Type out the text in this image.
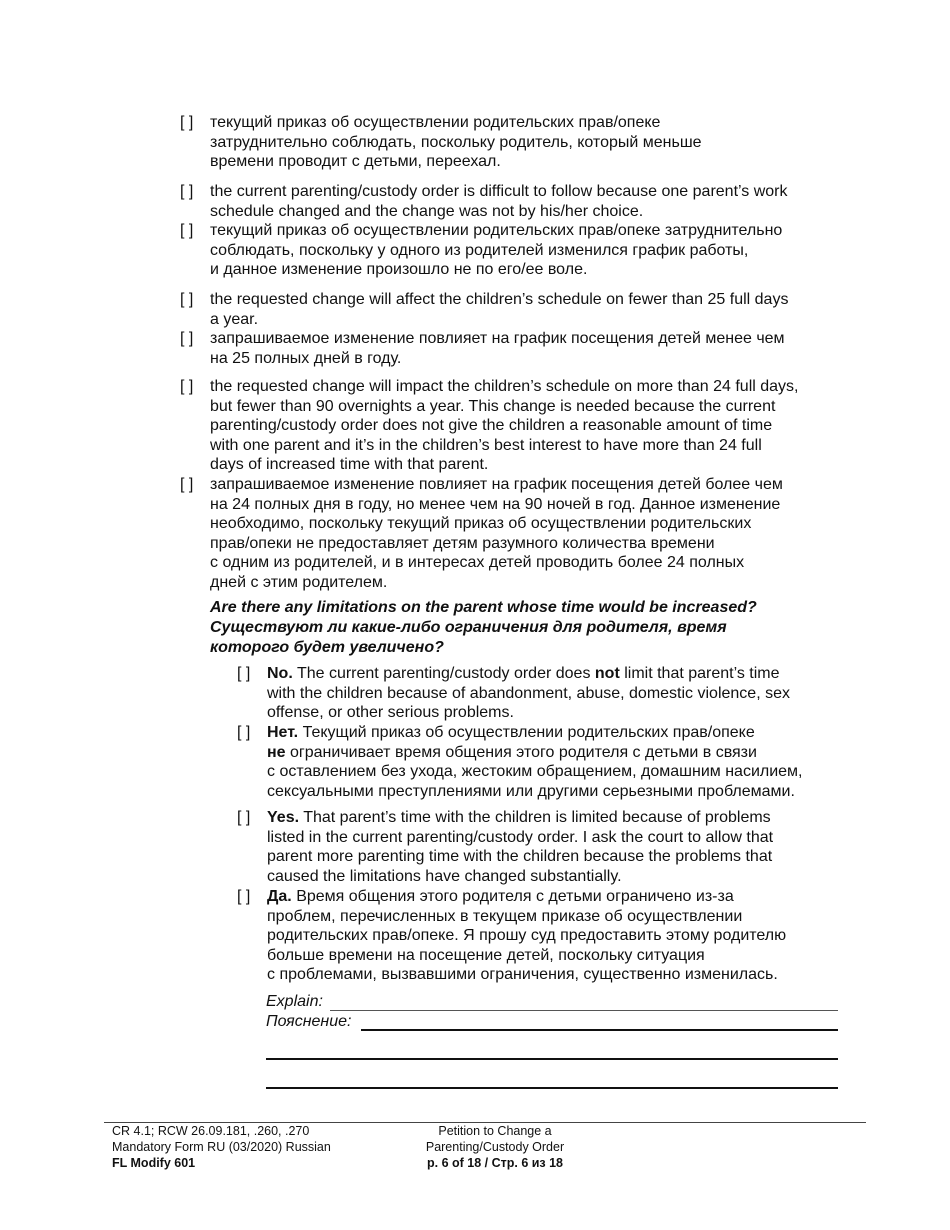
[ ]	текущий приказ об осуществлении родительских прав/опеке
затруднительно соблюдать, поскольку родитель, который меньше
времени проводит с детьми, переехал.
[ ]	the current parenting/custody order is difficult to follow because one parent’s work
schedule changed and the change was not by his/her choice.
[ ]	текущий приказ об осуществлении родительских прав/опеке затруднительно
соблюдать, поскольку у одного из родителей изменился график работы,
и данное изменение произошло не по его/ее воле.
[ ]	the requested change will affect the children’s schedule on fewer than 25 full days
a year.
[ ]	запрашиваемое изменение повлияет на график посещения детей менее чем
на 25 полных дней в году.
[ ]	the requested change will impact the children’s schedule on more than 24 full days,
but fewer than 90 overnights a year. This change is needed because the current
parenting/custody order does not give the children a reasonable amount of time
with one parent and it’s in the children’s best interest to have more than 24 full
days of increased time with that parent.
[ ]	запрашиваемое изменение повлияет на график посещения детей более чем
на 24 полных дня в году, но менее чем на 90 ночей в год. Данное изменение
необходимо, поскольку текущий приказ об осуществлении родительских
прав/опеки не предоставляет детям разумного количества времени
с одним из родителей, и в интересах детей проводить более 24 полных
дней с этим родителем.
Are there any limitations on the parent whose time would be increased?
Существуют ли какие-либо ограничения для родителя, время
которого будет увеличено?
[ ]	No. The current parenting/custody order does not limit that parent’s time
with the children because of abandonment, abuse, domestic violence, sex
offense, or other serious problems.
[ ]	Нет. Текущий приказ об осуществлении родительских прав/опеке
не ограничивает время общения этого родителя с детьми в связи
с оставлением без ухода, жестоким обращением, домашним насилием,
сексуальными преступлениями или другими серьезными проблемами.
[ ]	Yes. That parent’s time with the children is limited because of problems
listed in the current parenting/custody order. I ask the court to allow that
parent more parenting time with the children because the problems that
caused the limitations have changed substantially.
[ ]	Да. Время общения этого родителя с детьми ограничено из-за
проблем, перечисленных в текущем приказе об осуществлении
родительских прав/опеке. Я прошу суд предоставить этому родителю
больше времени на посещение детей, поскольку ситуация
с проблемами, вызвавшими ограничения, существенно изменилась.
Explain:
Пояснение:
CR 4.1; RCW 26.09.181, .260, .270
Mandatory Form RU (03/2020) Russian
FL Modify 601
Petition to Change a
Parenting/Custody Order
p. 6 of 18 / Стр. 6 из 18
